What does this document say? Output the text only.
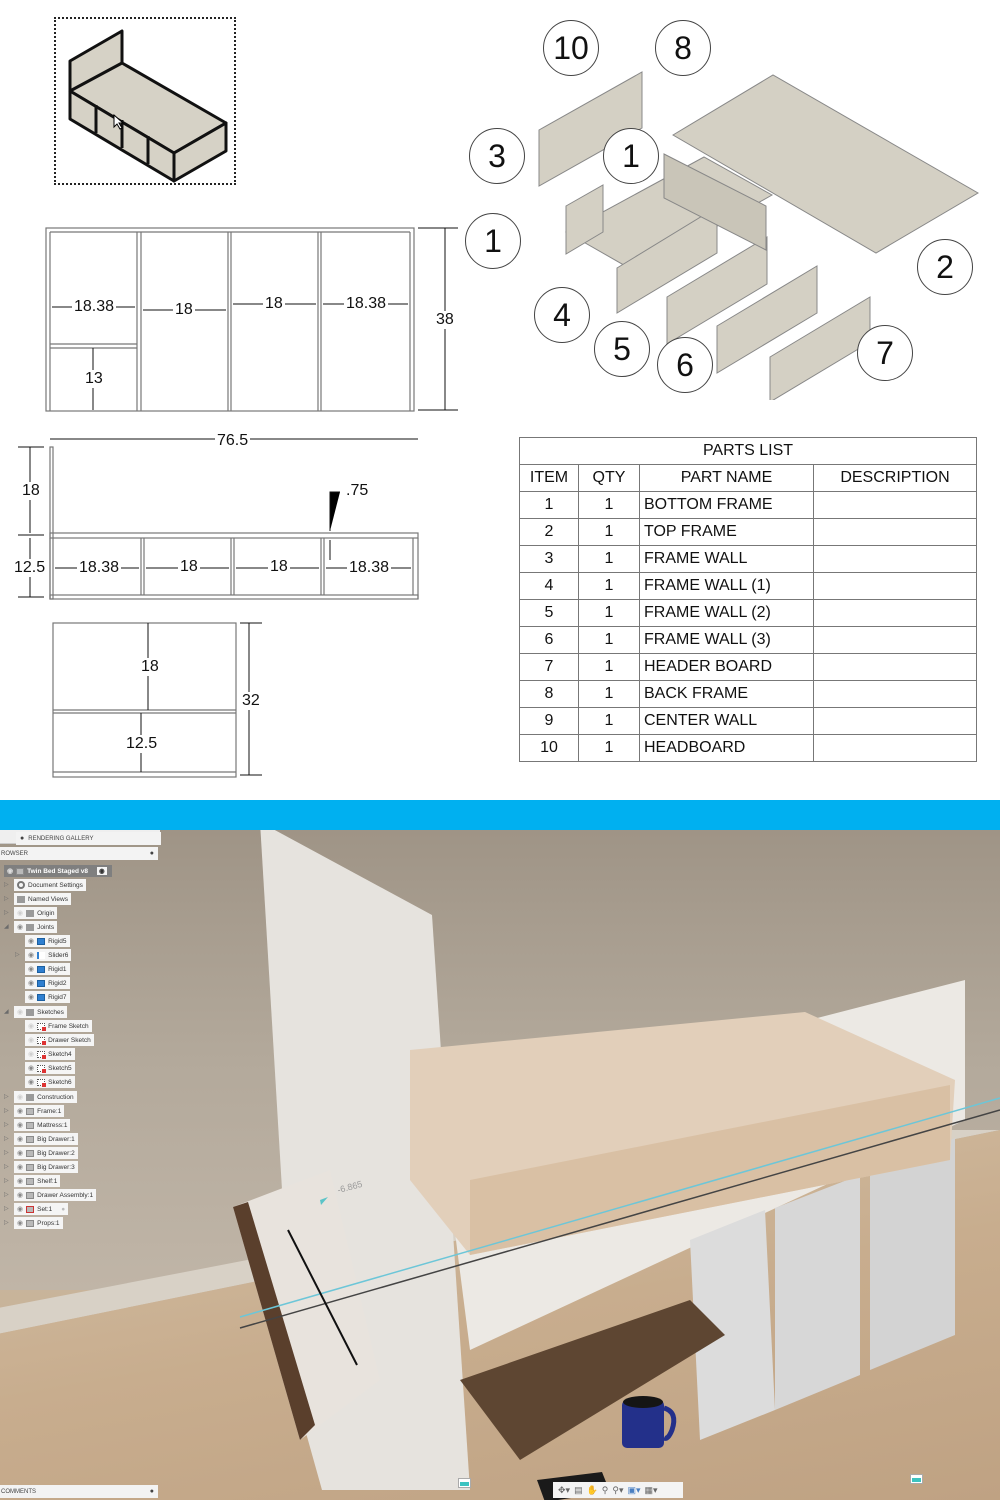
18.38	18	18	18.38
38
13
76.5
18	.75
12.5 18.38	18	18	18.38
18
12.5
32
10	8
3	1
1
4
5	6	7
2
PARTS LIST			
ITEM	QTY	PART NAME	DESCRIPTION
1	1	BOTTOM FRAME	
2	1	TOP FRAME	
3	1	FRAME WALL	
4	1	FRAME WALL (1)	
5	1	FRAME WALL (2)	
6	1	FRAME WALL (3)	
7	1	HEADER BOARD	
8	1	BACK FRAME	
9	1	CENTER WALL	
10	1	HEADBOARD	
-6.865
● RENDERING GALLERY
ROWSER	●
◉ Twin Bed Staged v8	◉
▷	Document Settings
▷	Named Views
▷ ◉ Origin
◢ ◉ Joints
◉ Rigid5
▷ ◉ Slider6
◉ Rigid1
◉ Rigid2
◉ Rigid7
◢ ◉ Sketches
◉ Frame Sketch
◉ Drawer Sketch
◉ Sketch4
◉ Sketch5
◉ Sketch6
▷ ◉ Construction
▷ ◉ Frame:1
▷ ◉ Mattress:1
▷ ◉ Big Drawer:1
▷ ◉ Big Drawer:2
▷ ◉ Big Drawer:3
▷ ◉ Shelf:1
▷ ◉ Drawer Assembly:1
▷ ◉ Set:1 ●
▷ ◉ Props:1
COMMENTS	●	✥▾ ▤ ✋ ⚲ ⚲▾ ▣▾ ▦▾
